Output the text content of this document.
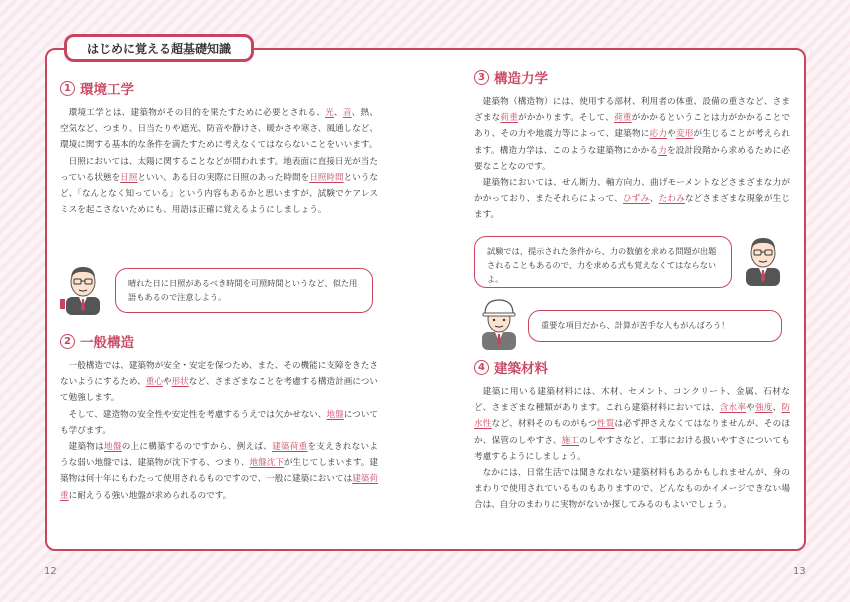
はじめに覚える超基礎知識
1 環境工学

環境工学とは、建築物がその目的を果たすために必要とされる、光、音、熱、空気など、つまり、日当たりや遮光、防音や静けさ、暖かさや寒さ、風通しなど、環境に関する基本的な条件を満たすために考えなくてはならないことをいいます。

日照においては、太陽に関することなどが問われます。地表面に直接日光が当たっている状態を日照といい、ある日の実際に日照のあった時間を日照時間というなど、「なんとなく知っている」という内容もあるかと思いますが、試験でケアレスミスを起こさないためにも、用語は正確に覚えるようにしましょう。

晴れた日に日照があるべき時間を可照時間というなど、似た用語もあるので注意しよう。
2 一般構造

一般構造では、建築物が安全・安定を保つため、また、その機能に支障をきたさないようにするため、重心や形状など、さまざまなことを考慮する構造計画について勉強します。

そして、建造物の安全性や安定性を考慮するうえでは欠かせない、地盤についても学びます。

建築物は地盤の上に構築するのですから、例えば、建築荷重を支えきれないような弱い地盤では、建築物が沈下する、つまり、地盤沈下が生じてしまいます。建築物は何十年にもわたって使用されるものですので、一般に建築においては建築荷重に耐えうる強い地盤が求められるのです。

3 構造力学

建築物（構造物）には、使用する部材、利用者の体重、設備の重さなど、さまざまな荷重がかかります。そして、荷重がかかるということは力がかかることであり、その力や地震力等によって、建築物に応力や変形が生じることが考えられます。構造力学は、このような建築物にかかる力を設計段階から求めるために必要なことなのです。

建築物においては、せん断力、軸方向力、曲げモーメントなどさまざまな力がかかっており、またそれらによって、ひずみ、たわみなどさまざまな現象が生じます。

試験では、提示された条件から、力の数値を求める問題が出題されることもあるので、力を求める式も覚えなくてはならないよ。
重要な項目だから、計算が苦手な人もがんばろう！
4 建築材料

建築に用いる建築材料には、木材、セメント、コンクリート、金属、石材など、さまざまな種類があります。これら建築材料においては、含水率や強度、防水性など、材料そのものがもつ性質は必ず押さえなくてはなりませんが、そのほか、保管のしやすさ、施工のしやすさなど、工事における扱いやすさについても考慮するようにしましょう。

なかには、日常生活では聞きなれない建築材料もあるかもしれませんが、身のまわりで使用されているものもありますので、どんなものかイメージできない場合は、自分のまわりに実物がないか探してみるのもよいでしょう。

12	13
